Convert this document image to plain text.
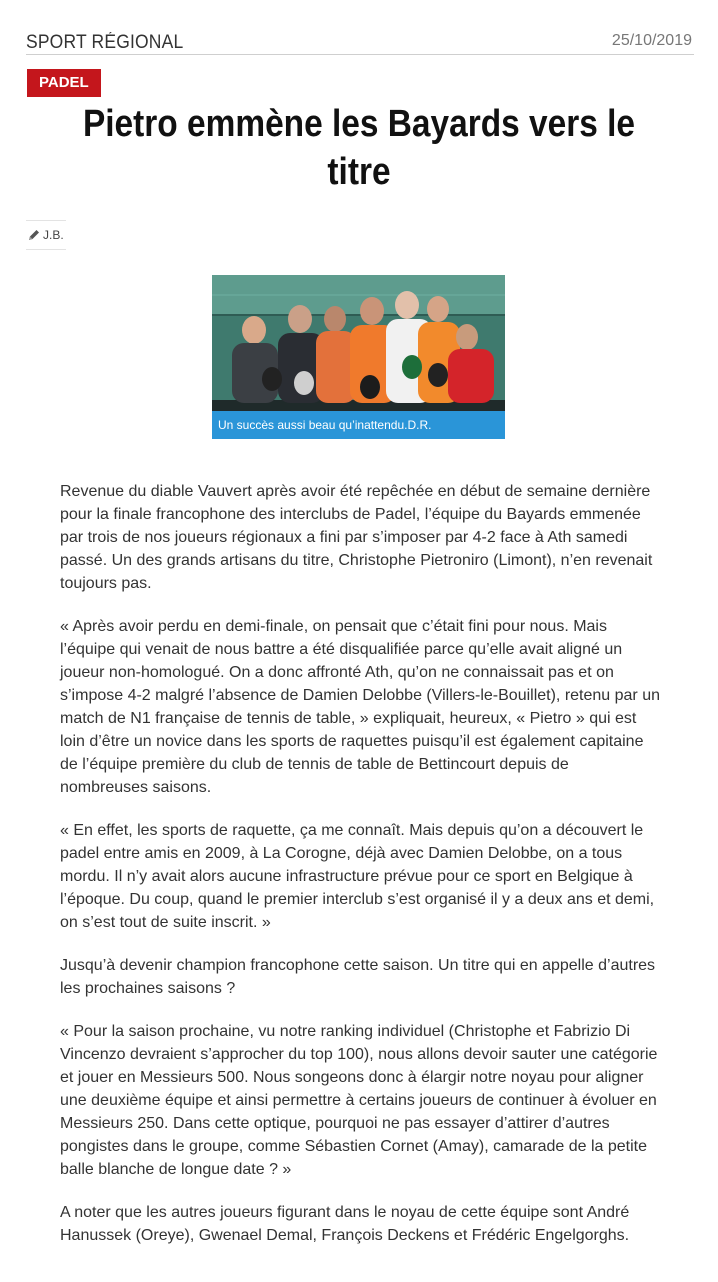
SPORT RÉGIONAL	25/10/2019
PADEL
Pietro emmène les Bayards vers le titre
J.B.
Un succès aussi beau qu’inattendu.D.R.

Revenue du diable Vauvert après avoir été repêchée en début de semaine dernière pour la finale francophone des interclubs de Padel, l’équipe du Bayards emmenée par trois de nos joueurs régionaux a fini par s’imposer par 4-2 face à Ath samedi passé. Un des grands artisans du titre, Christophe Pietroniro (Limont), n’en revenait toujours pas.

« Après avoir perdu en demi-finale, on pensait que c’était fini pour nous. Mais l’équipe qui venait de nous battre a été disqualifiée parce qu’elle avait aligné un joueur non-homologué. On a donc affronté Ath, qu’on ne connaissait pas et on s’impose 4-2 malgré l’absence de Damien Delobbe (Villers-le-Bouillet), retenu par un match de N1 française de tennis de table, » expliquait, heureux, « Pietro » qui est loin d’être un novice dans les sports de raquettes puisqu’il est également capitaine de l’équipe première du club de tennis de table de Bettincourt depuis de nombreuses saisons.

« En effet, les sports de raquette, ça me connaît. Mais depuis qu’on a découvert le padel entre amis en 2009, à La Corogne, déjà avec Damien Delobbe, on a tous mordu. Il n’y avait alors aucune infrastructure prévue pour ce sport en Belgique à l’époque. Du coup, quand le premier interclub s’est organisé il y a deux ans et demi, on s’est tout de suite inscrit. »

Jusqu’à devenir champion francophone cette saison. Un titre qui en appelle d’autres les prochaines saisons ?

« Pour la saison prochaine, vu notre ranking individuel (Christophe et Fabrizio Di Vincenzo devraient s’approcher du top 100), nous allons devoir sauter une catégorie et jouer en Messieurs 500. Nous songeons donc à élargir notre noyau pour aligner une deuxième équipe et ainsi permettre à certains joueurs de continuer à évoluer en Messieurs 250. Dans cette optique, pourquoi ne pas essayer d’attirer d’autres pongistes dans le groupe, comme Sébastien Cornet (Amay), camarade de la petite balle blanche de longue date ? »

A noter que les autres joueurs figurant dans le noyau de cette équipe sont André Hanussek (Oreye), Gwenael Demal, François Deckens et Frédéric Engelgorghs.
